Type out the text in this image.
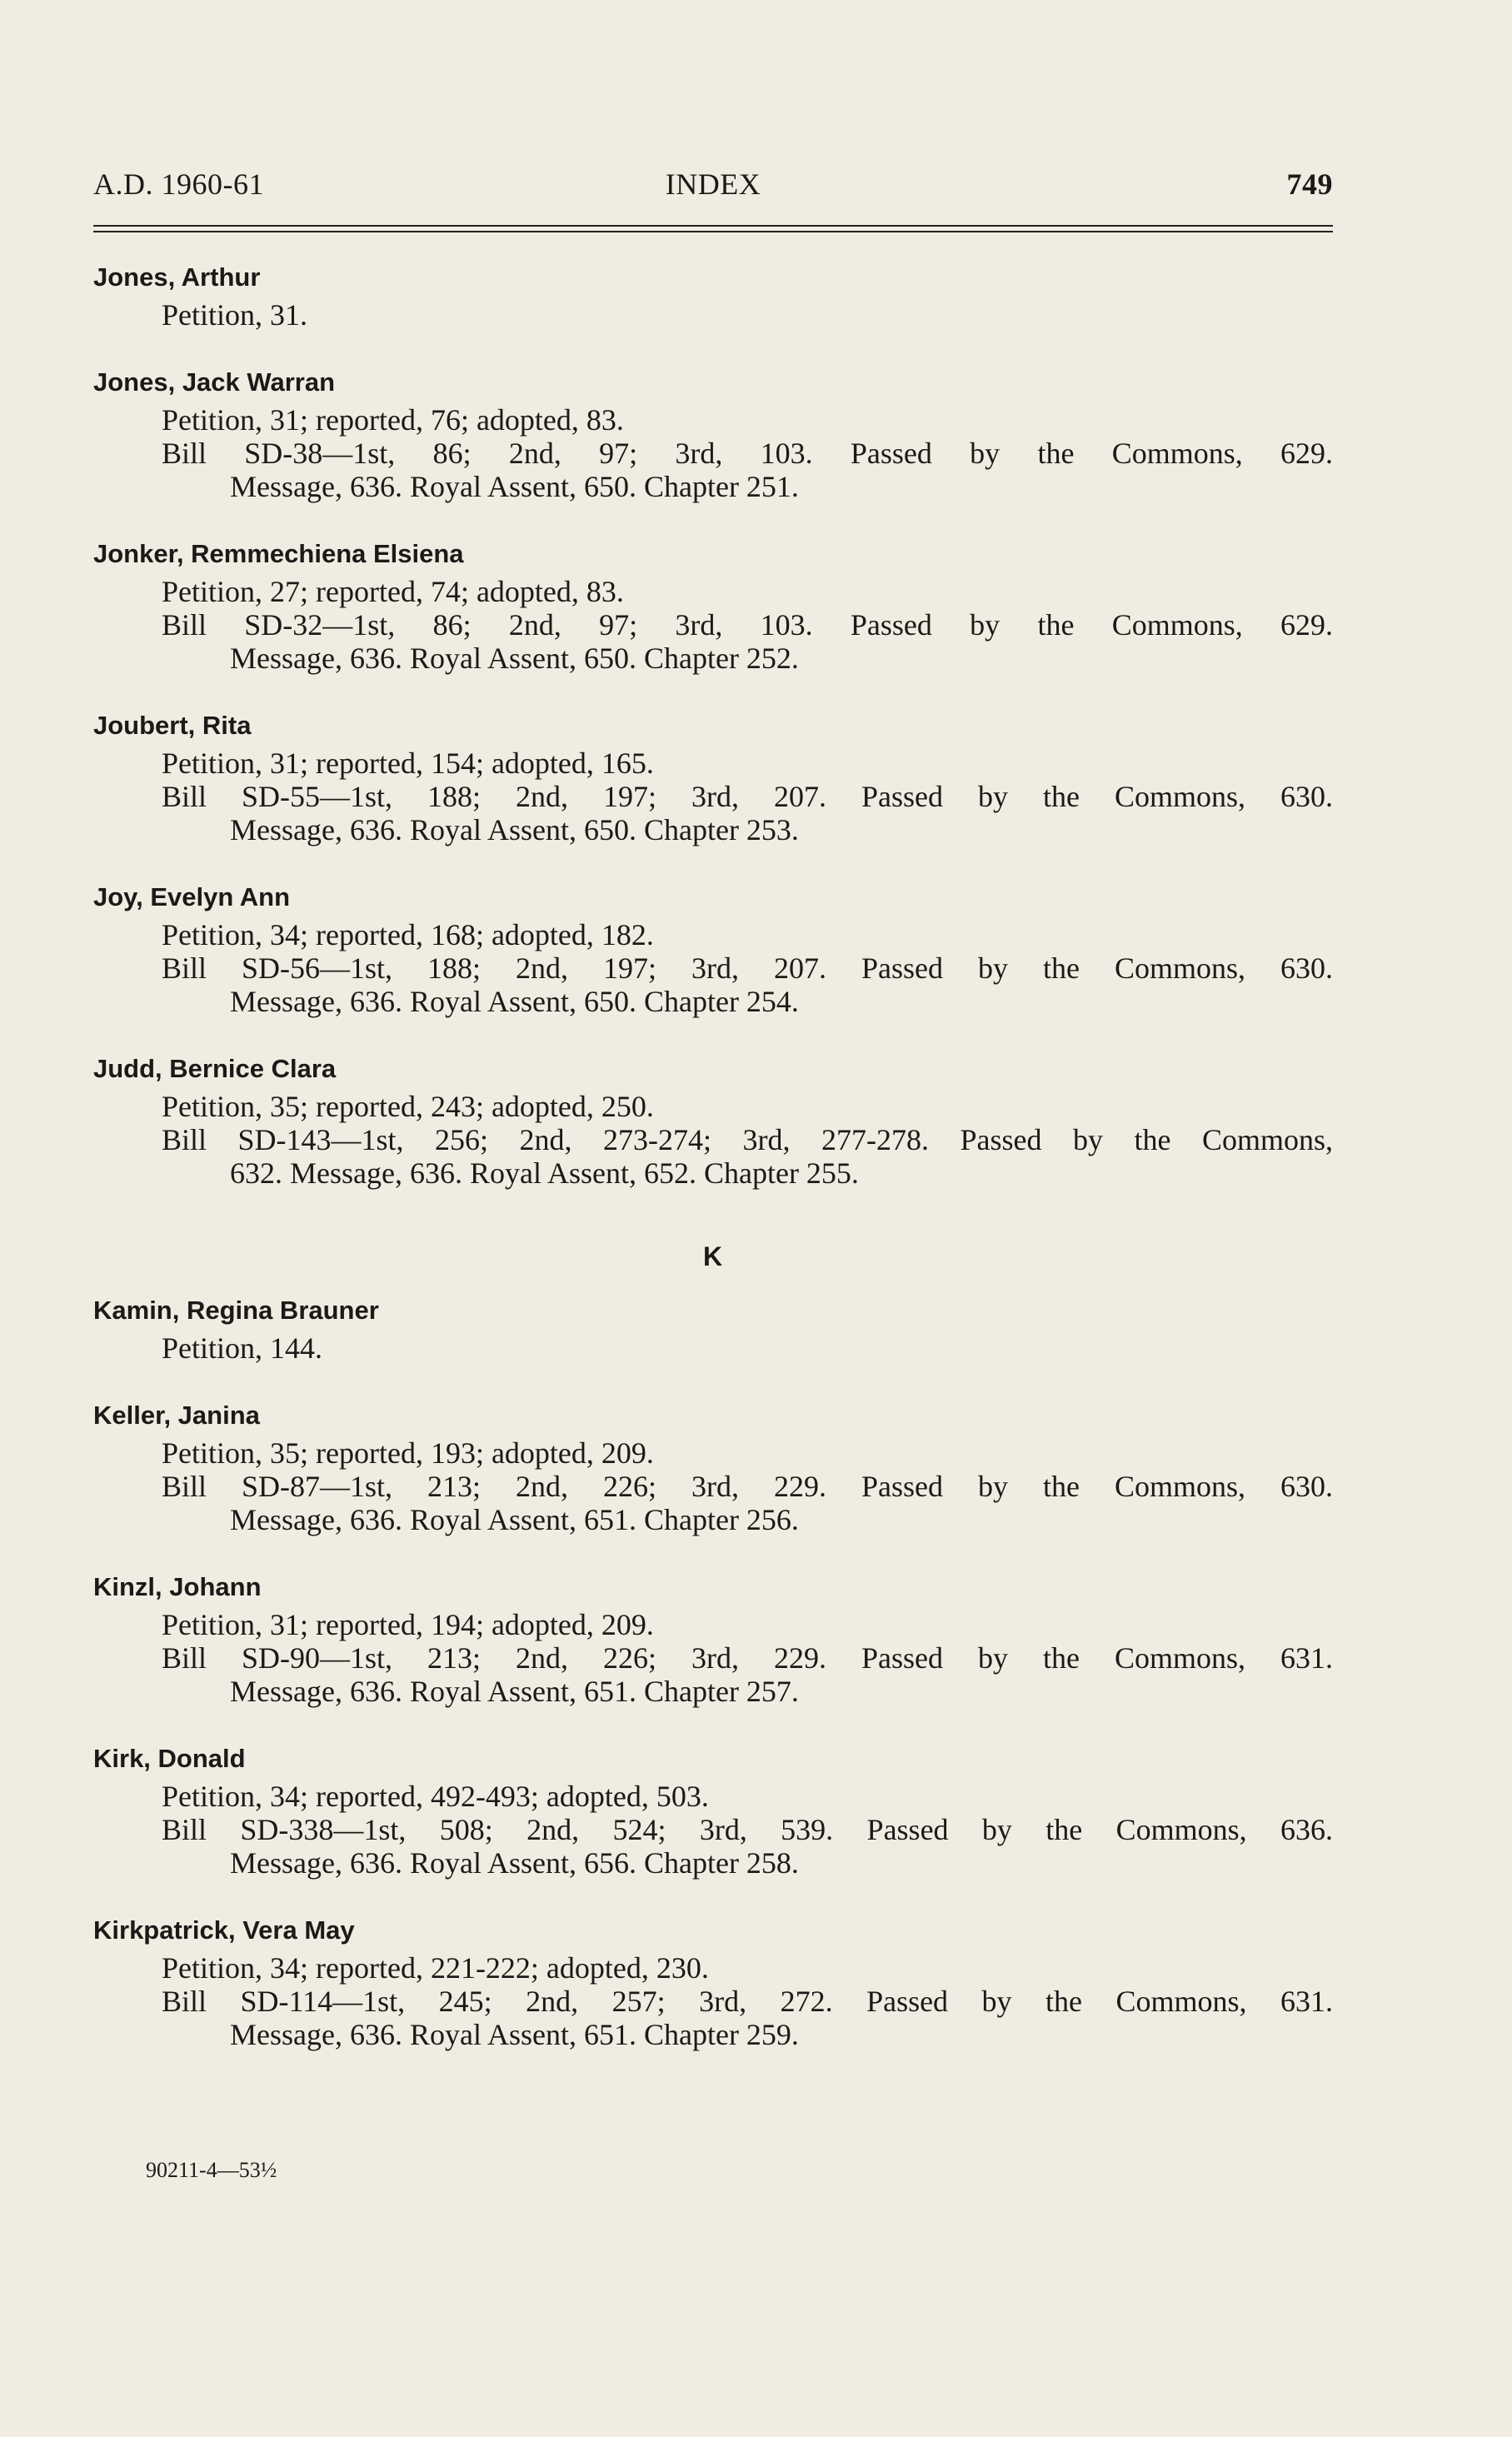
A.D. 1960-61	INDEX	749
Jones, Arthur
Petition, 31.
Jones, Jack Warran
Petition, 31; reported, 76; adopted, 83.
Bill SD-38—1st, 86; 2nd, 97; 3rd, 103. Passed by the Commons, 629.
Message, 636. Royal Assent, 650. Chapter 251.
Jonker, Remmechiena Elsiena
Petition, 27; reported, 74; adopted, 83.
Bill SD-32—1st, 86; 2nd, 97; 3rd, 103. Passed by the Commons, 629.
Message, 636. Royal Assent, 650. Chapter 252.
Joubert, Rita
Petition, 31; reported, 154; adopted, 165.
Bill SD-55—1st, 188; 2nd, 197; 3rd, 207. Passed by the Commons, 630.
Message, 636. Royal Assent, 650. Chapter 253.
Joy, Evelyn Ann
Petition, 34; reported, 168; adopted, 182.
Bill SD-56—1st, 188; 2nd, 197; 3rd, 207. Passed by the Commons, 630.
Message, 636. Royal Assent, 650. Chapter 254.
Judd, Bernice Clara
Petition, 35; reported, 243; adopted, 250.
Bill SD-143—1st, 256; 2nd, 273-274; 3rd, 277-278. Passed by the Commons,
632. Message, 636. Royal Assent, 652. Chapter 255.
K
Kamin, Regina Brauner
Petition, 144.
Keller, Janina
Petition, 35; reported, 193; adopted, 209.
Bill SD-87—1st, 213; 2nd, 226; 3rd, 229. Passed by the Commons, 630.
Message, 636. Royal Assent, 651. Chapter 256.
Kinzl, Johann
Petition, 31; reported, 194; adopted, 209.
Bill SD-90—1st, 213; 2nd, 226; 3rd, 229. Passed by the Commons, 631.
Message, 636. Royal Assent, 651. Chapter 257.
Kirk, Donald
Petition, 34; reported, 492-493; adopted, 503.
Bill SD-338—1st, 508; 2nd, 524; 3rd, 539. Passed by the Commons, 636.
Message, 636. Royal Assent, 656. Chapter 258.
Kirkpatrick, Vera May
Petition, 34; reported, 221-222; adopted, 230.
Bill SD-114—1st, 245; 2nd, 257; 3rd, 272. Passed by the Commons, 631.
Message, 636. Royal Assent, 651. Chapter 259.
90211-4—53½
